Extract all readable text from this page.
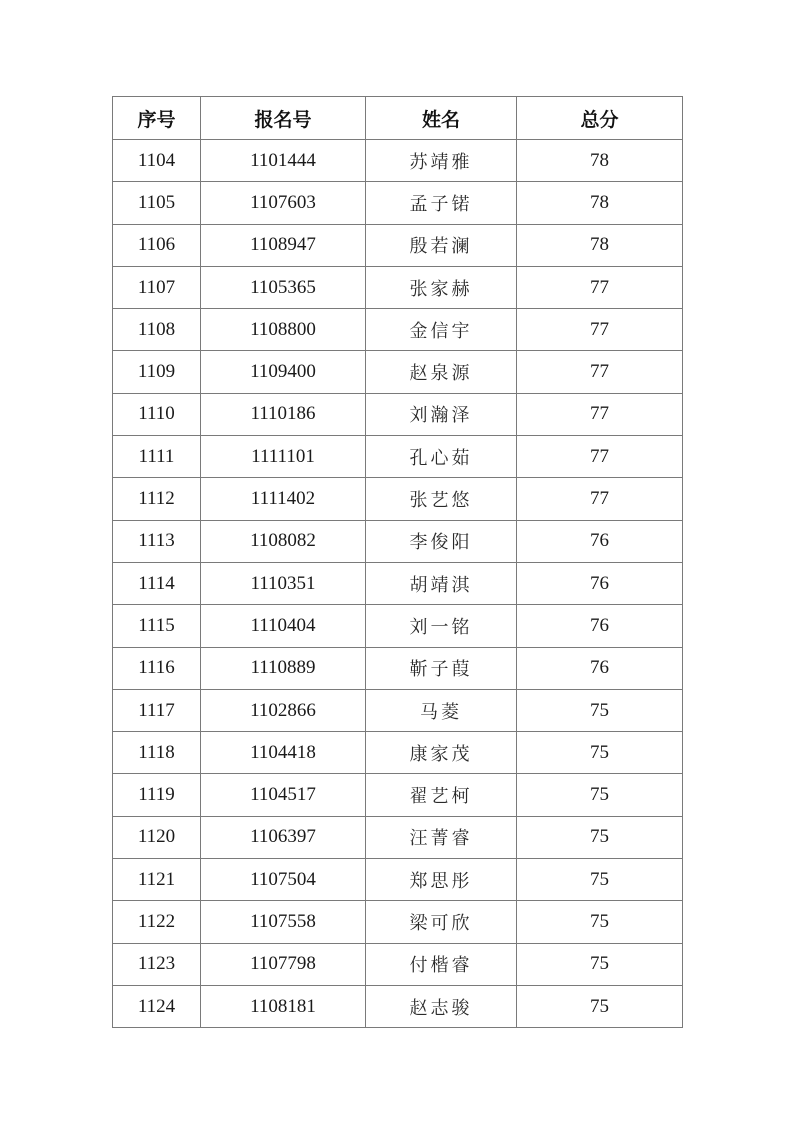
序号	报名号	姓名	总分
1104	1101444	苏靖雅	78
1105	1107603	孟子锘	78
1106	1108947	殷若澜	78
1107	1105365	张家赫	77
1108	1108800	金信宇	77
1109	1109400	赵泉源	77
1110	1110186	刘瀚泽	77
1111	1111101	孔心茹	77
1112	1111402	张艺悠	77
1113	1108082	李俊阳	76
1114	1110351	胡靖淇	76
1115	1110404	刘一铭	76
1116	1110889	靳子葭	76
1117	1102866	马菱	75
1118	1104418	康家茂	75
1119	1104517	翟艺柯	75
1120	1106397	汪菁睿	75
1121	1107504	郑思彤	75
1122	1107558	梁可欣	75
1123	1107798	付楷睿	75
1124	1108181	赵志骏	75
